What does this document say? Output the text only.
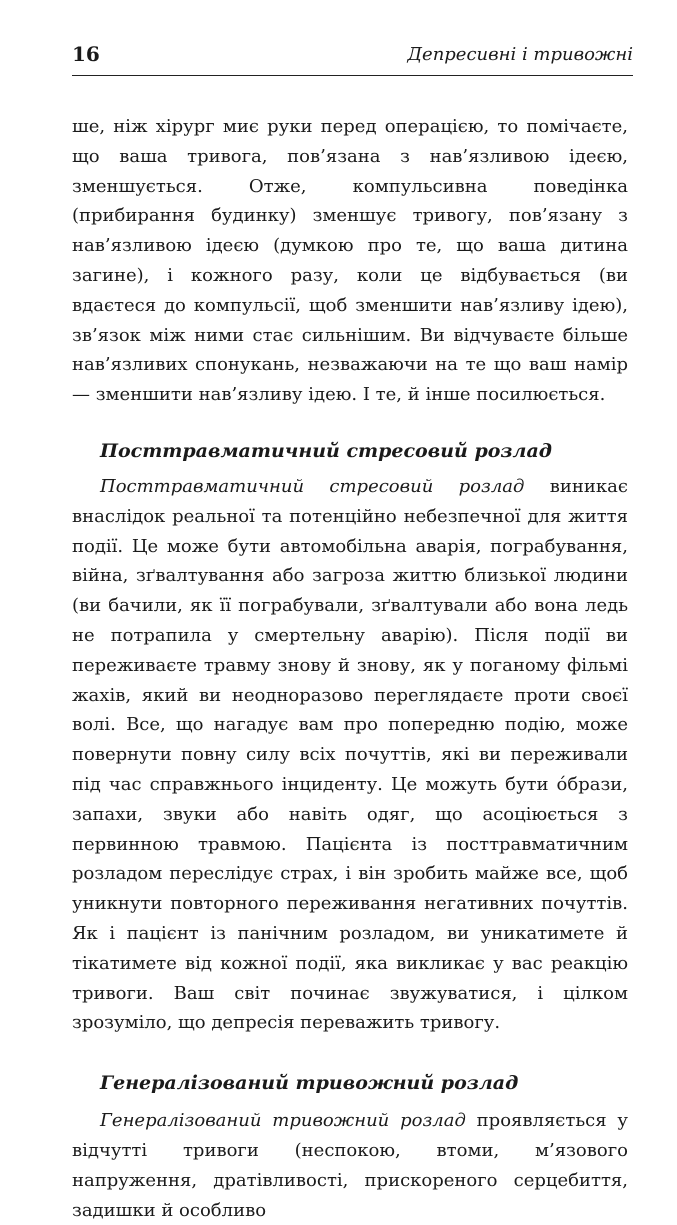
16	Депресивні і тривожні

ше, ніж хірург миє руки перед операцією, то помічаєте, що ваша тривога, пов’язана з нав’язливою ідеєю, зменшується. Отже, компульсивна поведінка (прибирання будинку) зменшує тривогу, пов’язану з нав’язливою ідеєю (думкою про те, що ваша дитина загине), і кожного разу, коли це відбувається (ви вдаєтеся до компульсії, щоб зменшити нав’язливу ідею), зв’язок між ними стає сильнішим. Ви відчуваєте більше нав’язливих спонукань, незважаючи на те що ваш намір — зменшити нав’язливу ідею. І те, й інше посилюється.

Посттравматичний стресовий розлад

Посттравматичний стресовий розлад виникає внаслідок реальної та потенційно небезпечної для життя події. Це може бути автомобільна аварія, пограбування, війна, зґвалтування або загроза життю близької людини (ви бачили, як її пограбували, зґвалтували або вона ледь не потрапила у смертельну аварію). Після події ви переживаєте травму знову й знову, як у поганому фільмі жахів, який ви неодноразово переглядаєте проти своєї волі. Все, що нагадує вам про попередню подію, може повернути повну силу всіх почуттів, які ви переживали під час справжнього інциденту. Це можуть бути óбрази, запахи, звуки або навіть одяг, що асоціюється з первинною травмою. Пацієнта із посттравматичним розладом переслідує страх, і він зробить майже все, щоб уникнути повторного переживання негативних почуттів. Як і пацієнт із панічним розладом, ви уникатимете й тікатимете від кожної події, яка викликає у вас реакцію тривоги. Ваш світ починає звужуватися, і цілком зрозуміло, що депресія переважить тривогу.

Генералізований тривожний розлад

Генералізований тривожний розлад проявляється у відчутті тривоги (неспокою, втоми, м’язового напруження, дратівливості, прискореного серцебиття, задишки й особливо
